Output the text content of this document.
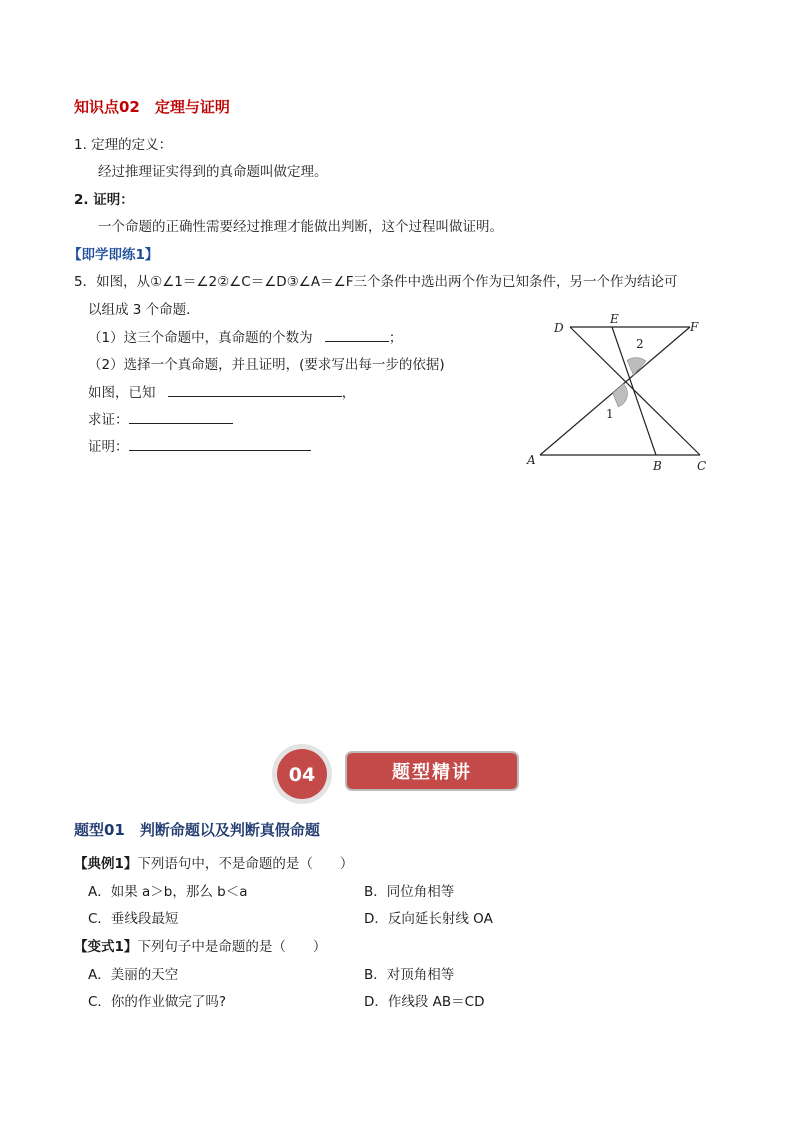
知识点02　定理与证明
1. 定理的定义：
经过推理证实得到的真命题叫做定理。
2. 证明：
一个命题的正确性需要经过推理才能做出判断，这个过程叫做证明。
【即学即练1】
5．如图，从①∠1＝∠2②∠C＝∠D③∠A＝∠F三个条件中选出两个作为已知条件，另一个作为结论可
以组成 3 个命题．
（1）这三个命题中，真命题的个数为	；
（2）选择一个真命题，并且证明，(要求写出每一步的依据)
如图，已知	，
求证：
证明：
D
E
F
A	B	C
1
2
04	题型精讲
题型01　判断命题以及判断真假命题
【典例1】下列语句中，不是命题的是（　　）
A．如果 a＞b，那么 b＜a	B．同位角相等
C．垂线段最短	D．反向延长射线 OA
【变式1】下列句子中是命题的是（　　）
A．美丽的天空	B．对顶角相等
C．你的作业做完了吗?	D．作线段 AB＝CD
